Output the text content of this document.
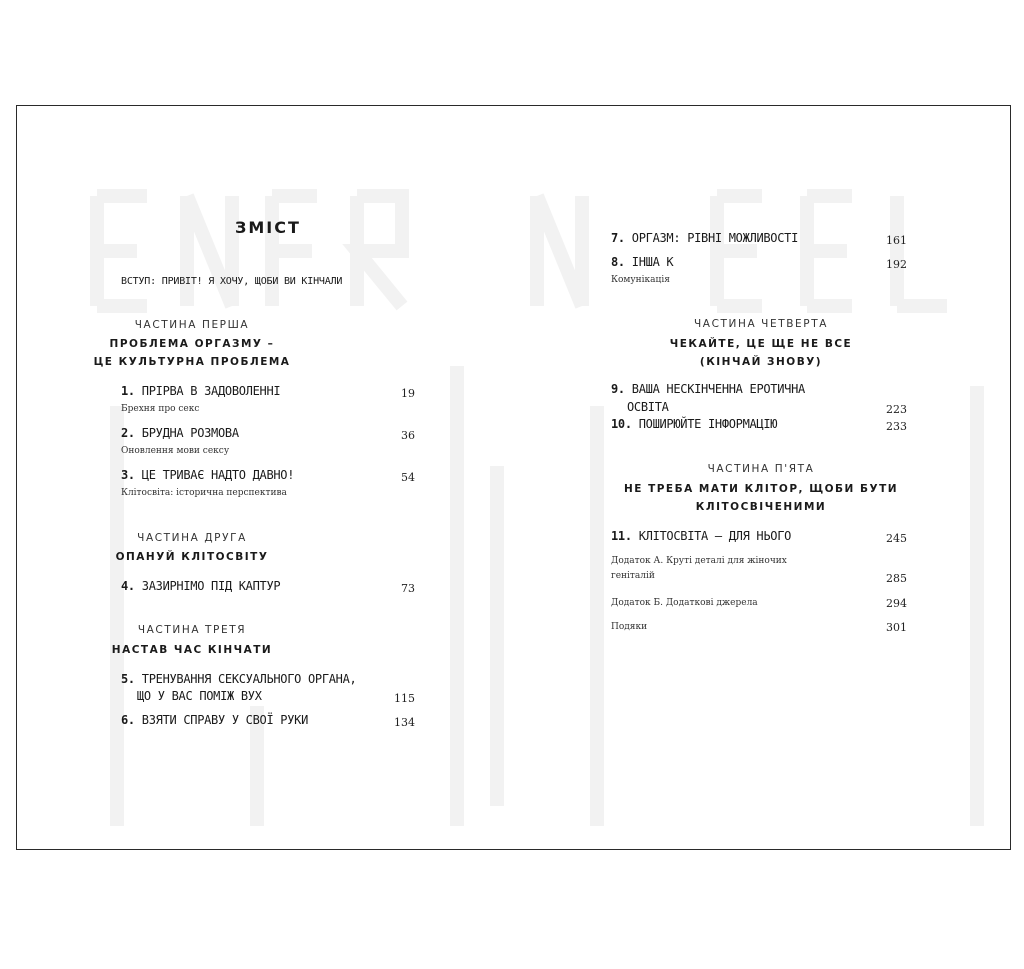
ЗМІСТ
ВСТУП: ПРИВІТ! Я ХОЧУ, ЩОБИ ВИ КІНЧАЛИ
ЧАСТИНА ПЕРША
ПРОБЛЕМА ОРГАЗМУ –
ЦЕ КУЛЬТУРНА ПРОБЛЕМА
1. ПРІРВА В ЗАДОВОЛЕННІ	19
Брехня про секс
2. БРУДНА РОЗМОВА	36
Оновлення мови сексу
3. ЦЕ ТРИВАЄ НАДТО ДАВНО!	54
Клітосвіта: історична перспектива
ЧАСТИНА ДРУГА
ОПАНУЙ КЛІТОСВІТУ
4. ЗАЗИРНІМО ПІД КАПТУР	73
ЧАСТИНА ТРЕТЯ
НАСТАВ ЧАС КІНЧАТИ
5. ТРЕНУВАННЯ СЕКСУАЛЬНОГО ОРГАНА,
ЩО У ВАС ПОМІЖ ВУХ	115
6. ВЗЯТИ СПРАВУ У СВОЇ РУКИ	134
7. ОРГАЗМ: РІВНІ МОЖЛИВОСТІ	161
8. ІНША К	192
Комунікація
ЧАСТИНА ЧЕТВЕРТА
ЧЕКАЙТЕ, ЦЕ ЩЕ НЕ ВСЕ
(КІНЧАЙ ЗНОВУ)
9. ВАША НЕСКІНЧЕННА ЕРОТИЧНА
ОСВІТА	223
10. ПОШИРЮЙТЕ ІНФОРМАЦІЮ	233
ЧАСТИНА П'ЯТА
НЕ ТРЕБА МАТИ КЛІТОР, ЩОБИ БУТИ
КЛІТОСВІЧЕНИМИ
11. КЛІТОСВІТА – ДЛЯ НЬОГО	245
Додаток А. Круті деталі для жіночих
геніталій	285
Додаток Б. Додаткові джерела	294
Подяки	301
